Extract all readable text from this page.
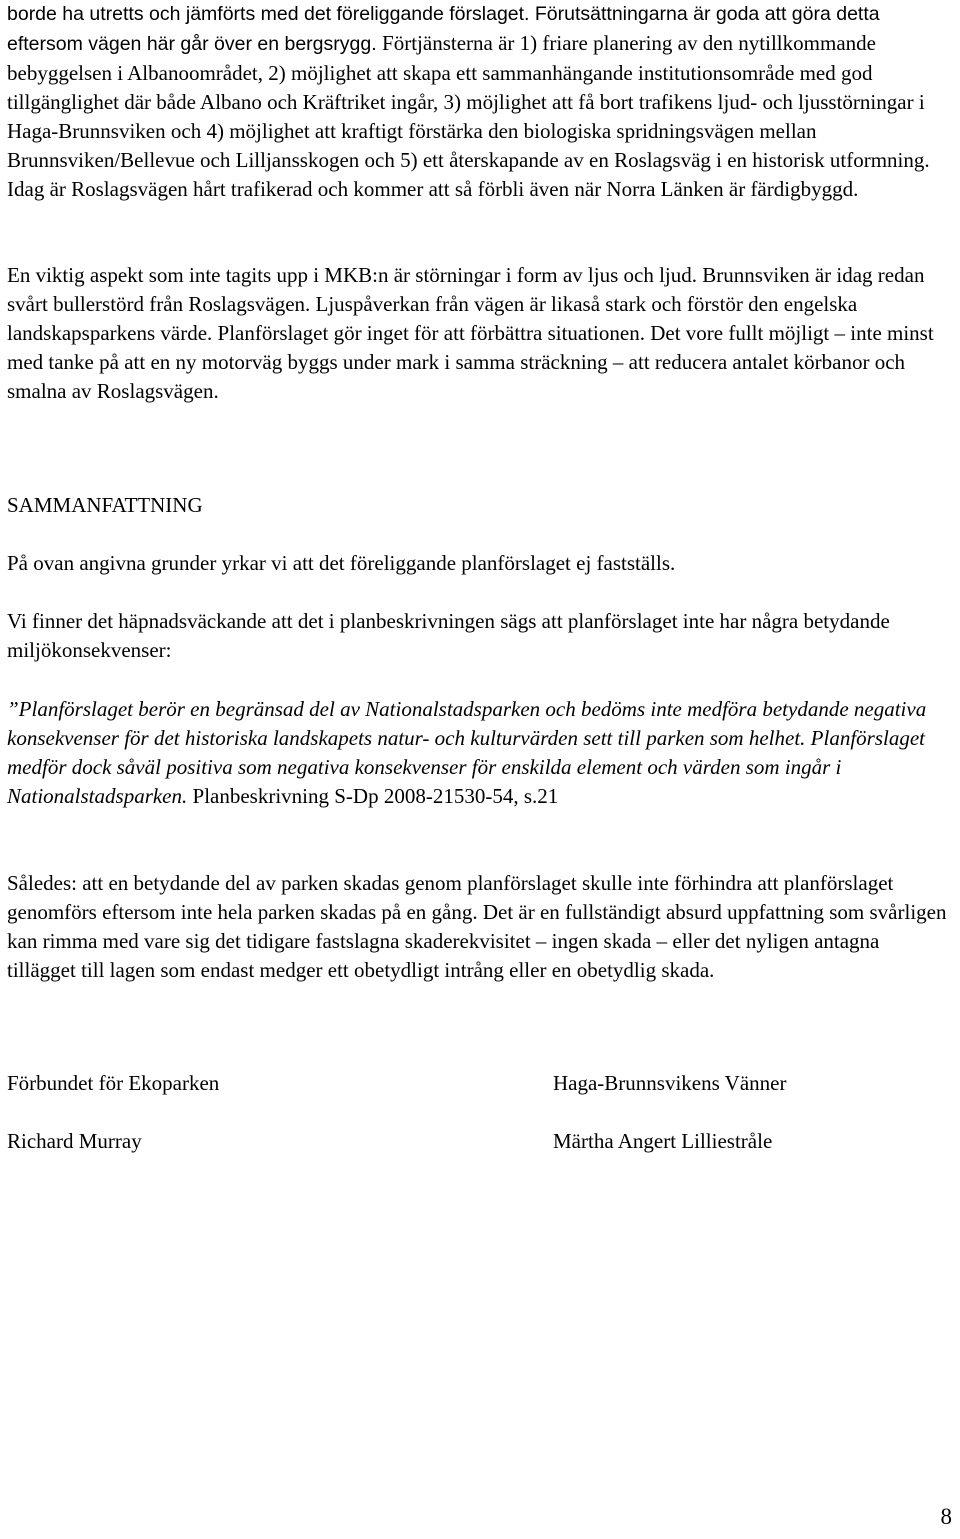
borde ha utretts och jämförts med det föreliggande förslaget. Förutsättningarna är goda att göra detta eftersom vägen här går över en bergsrygg. Förtjänsterna är 1) friare planering av den nytillkommande bebyggelsen i Albanoområdet, 2) möjlighet att skapa ett sammanhängande institutionsområde med god tillgänglighet där både Albano och Kräftriket ingår, 3) möjlighet att få bort trafikens ljud- och ljusstörningar i Haga-Brunnsviken och 4) möjlighet att kraftigt förstärka den biologiska spridningsvägen mellan Brunnsviken/Bellevue och Lilljansskogen och 5) ett återskapande av en Roslagsväg i en historisk utformning. Idag är Roslagsvägen hårt trafikerad och kommer att så förbli även när Norra Länken är färdigbyggd.

En viktig aspekt som inte tagits upp i MKB:n är störningar i form av ljus och ljud. Brunnsviken är idag redan svårt bullerstörd från Roslagsvägen. Ljuspåverkan från vägen är likaså stark och förstör den engelska landskapsparkens värde. Planförslaget gör inget för att förbättra situationen. Det vore fullt möjligt – inte minst med tanke på att en ny motorväg byggs under mark i samma sträckning – att reducera antalet körbanor och smalna av Roslagsvägen.

SAMMANFATTNING

På ovan angivna grunder yrkar vi att det föreliggande planförslaget ej fastställs.

Vi finner det häpnadsväckande att det i planbeskrivningen sägs att planförslaget inte har några betydande miljökonsekvenser:

”Planförslaget berör en begränsad del av Nationalstadsparken och bedöms inte medföra betydande negativa konsekvenser för det historiska landskapets natur- och kulturvärden sett till parken som helhet. Planförslaget medför dock såväl positiva som negativa konsekvenser för enskilda element och värden som ingår i Nationalstadsparken. Planbeskrivning S-Dp 2008-21530-54, s.21

Således: att en betydande del av parken skadas genom planförslaget skulle inte förhindra att planförslaget genomförs eftersom inte hela parken skadas på en gång. Det är en fullständigt absurd uppfattning som svårligen kan rimma med vare sig det tidigare fastslagna skaderekvisitet – ingen skada – eller det nyligen antagna tillägget till lagen som endast medger ett obetydligt intrång eller en obetydlig skada.

Förbundet för Ekoparken

Richard Murray

Haga-Brunnsvikens Vänner

Märtha Angert Lilliestråle

8
